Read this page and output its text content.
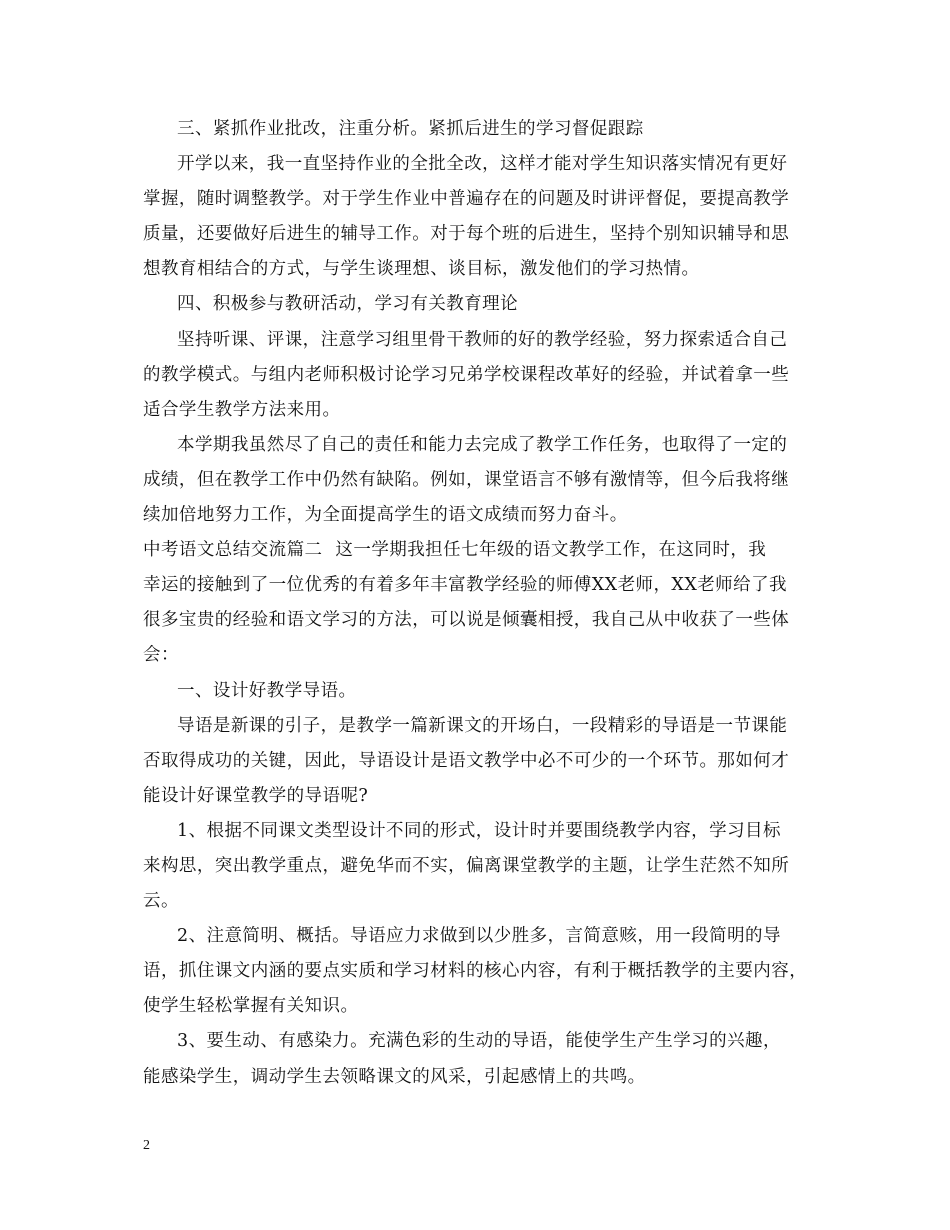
三、紧抓作业批改，注重分析。紧抓后进生的学习督促跟踪
开学以来，我一直坚持作业的全批全改，这样才能对学生知识落实情况有更好
掌握，随时调整教学。对于学生作业中普遍存在的问题及时讲评督促，要提高教学
质量，还要做好后进生的辅导工作。对于每个班的后进生，坚持个别知识辅导和思
想教育相结合的方式，与学生谈理想、谈目标，激发他们的学习热情。
四、积极参与教研活动，学习有关教育理论
坚持听课、评课，注意学习组里骨干教师的好的教学经验，努力探索适合自己
的教学模式。与组内老师积极讨论学习兄弟学校课程改革好的经验，并试着拿一些
适合学生教学方法来用。
本学期我虽然尽了自己的责任和能力去完成了教学工作任务，也取得了一定的
成绩，但在教学工作中仍然有缺陷。例如，课堂语言不够有激情等，但今后我将继
续加倍地努力工作，为全面提高学生的语文成绩而努力奋斗。
中考语文总结交流篇二	这一学期我担任七年级的语文教学工作，在这同时，我
幸运的接触到了一位优秀的有着多年丰富教学经验的师傅XX老师，XX老师给了我
很多宝贵的经验和语文学习的方法，可以说是倾囊相授，我自己从中收获了一些体
会：
一、设计好教学导语。
导语是新课的引子，是教学一篇新课文的开场白，一段精彩的导语是一节课能
否取得成功的关键，因此，导语设计是语文教学中必不可少的一个环节。那如何才
能设计好课堂教学的导语呢?
1、根据不同课文类型设计不同的形式，设计时并要围绕教学内容，学习目标
来构思，突出教学重点，避免华而不实，偏离课堂教学的主题，让学生茫然不知所
云。
2、注意简明、概括。导语应力求做到以少胜多，言简意赅，用一段简明的导
语，抓住课文内涵的要点实质和学习材料的核心内容，有利于概括教学的主要内容，
使学生轻松掌握有关知识。
3、要生动、有感染力。充满色彩的生动的导语，能使学生产生学习的兴趣，
能感染学生，调动学生去领略课文的风采，引起感情上的共鸣。
2
